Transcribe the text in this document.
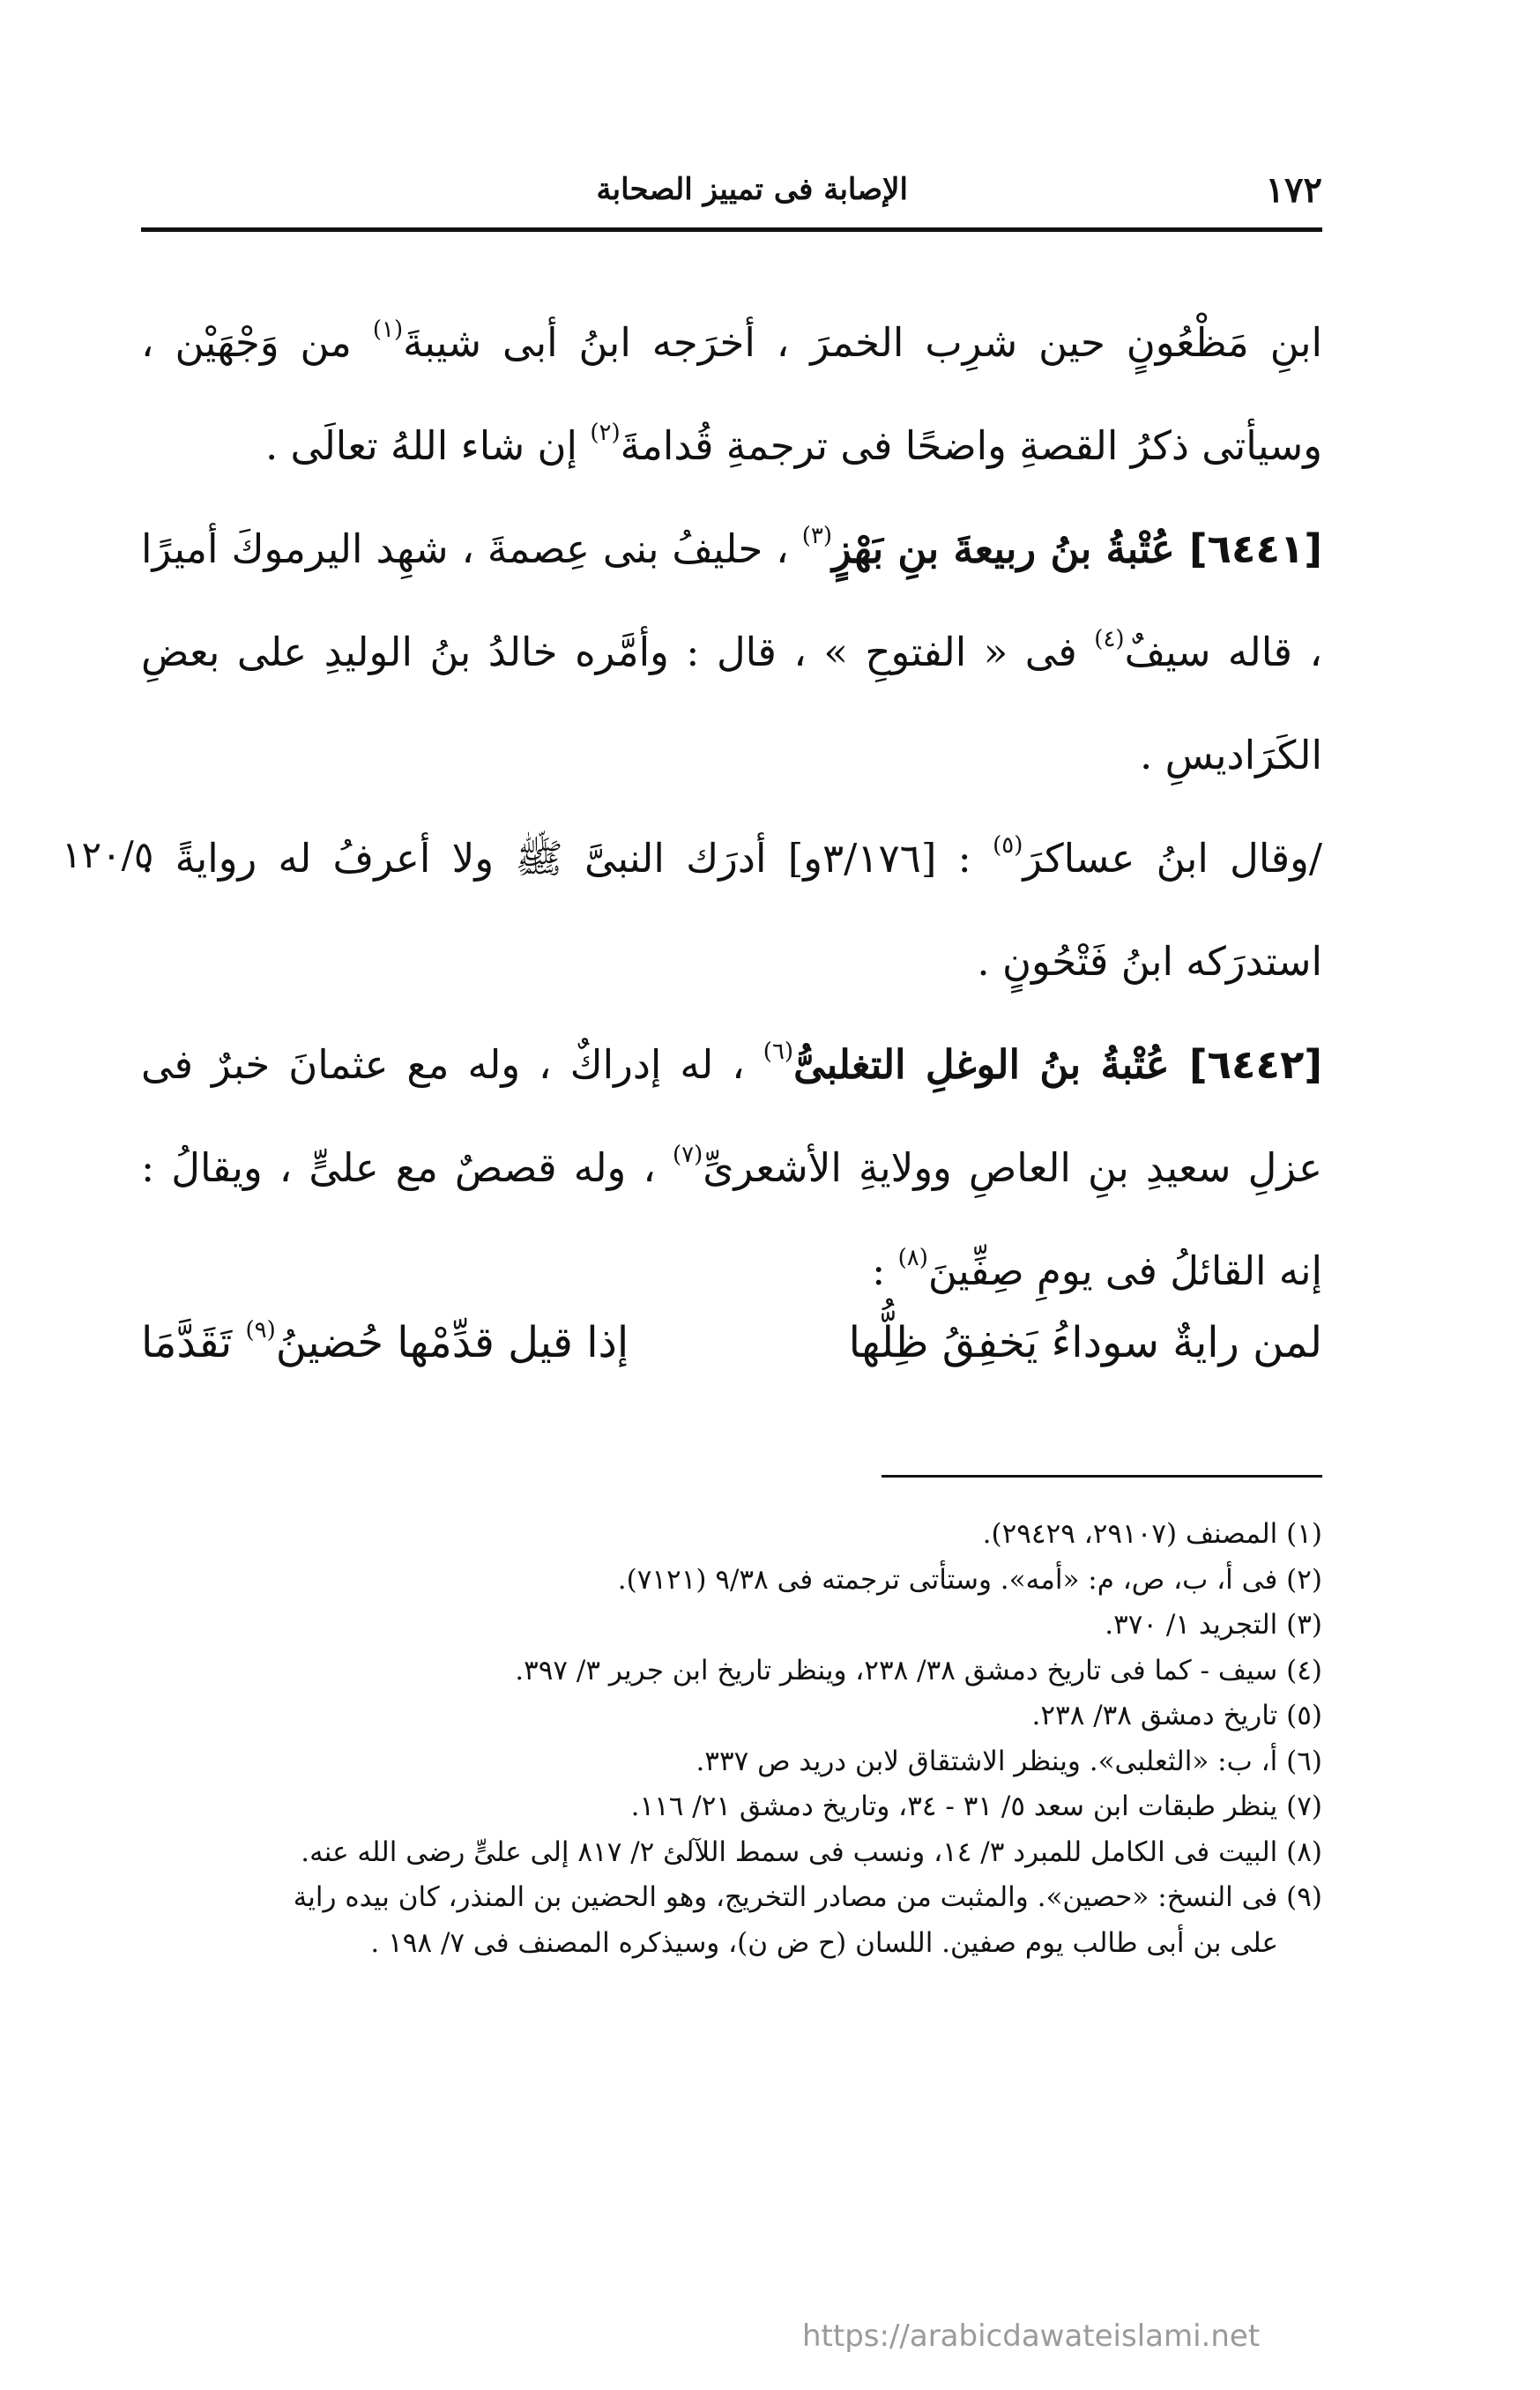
١٧٢
الإصابة فى تمييز الصحابة

ابنِ مَظْعُونٍ حين شرِب الخمرَ ، أخرَجه ابنُ أبى شيبةَ$^{(١)}$ من وَجْهَيْن ، وسيأتى ذكرُ القصةِ واضحًا فى ترجمةِ قُدامةَ$^{(٢)}$ إن شاء اللهُ تعالَى .

[٦٤٤١] عُتْبةُ بنُ ربيعةَ بنِ بَهْزٍ$^{(٣)}$ ، حليفُ بنى عِصمةَ ، شهِد اليرموكَ أميرًا ، قاله سيفٌ$^{(٤)}$ فى « الفتوحِ » ، قال : وأمَّره خالدُ بنُ الوليدِ على بعضِ الكَرَاديسِ .

/وقال ابنُ عساكرَ$^{(٥)}$ : [٣/١٧٦و] أدرَك النبىَّ ﷺ ولا أعرفُ له روايةً . استدرَكه ابنُ فَتْحُونٍ .

[٦٤٤٢] عُتْبةُ بنُ الوغلِ التغلبىُّ$^{(٦)}$ ، له إدراكٌ ، وله مع عثمانَ خبرٌ فى عزلِ سعيدِ بنِ العاصِ وولايةِ الأشعرىِّ$^{(٧)}$ ، وله قصصٌ مع علىٍّ ، ويقالُ : إنه القائلُ فى يومِ صِفِّينَ$^{(٨)}$ :

١٢٠/٥
لمن رايةٌ سوداءُ يَخفِقُ ظِلُّها
إذا قيل قدِّمْها حُضينُ$^{(٩)}$ تَقَدَّمَا
(١) المصنف (٢٩١٠٧، ٢٩٤٢٩).
(٢) فى أ، ب، ص، م: «أمه». وستأتى ترجمته فى ٩/٣٨ (٧١٢١).
(٣) التجريد ١/ ٣٧٠.
(٤) سيف - كما فى تاريخ دمشق ٣٨/ ٢٣٨، وينظر تاريخ ابن جرير ٣/ ٣٩٧.
(٥) تاريخ دمشق ٣٨/ ٢٣٨.
(٦) أ، ب: «الثعلبى». وينظر الاشتقاق لابن دريد ص ٣٣٧.
(٧) ينظر طبقات ابن سعد ٥/ ٣١ - ٣٤، وتاريخ دمشق ٢١/ ١١٦.
(٨) البيت فى الكامل للمبرد ٣/ ١٤، ونسب فى سمط اللآلئ ٢/ ٨١٧ إلى علىٍّ رضى الله عنه.
(٩) فى النسخ: «حصين». والمثبت من مصادر التخريج، وهو الحضين بن المنذر، كان بيده راية
على بن أبى طالب يوم صفين. اللسان (ح ض ن)، وسيذكره المصنف فى ٧/ ١٩٨ .
https://arabicdawateislami.net
